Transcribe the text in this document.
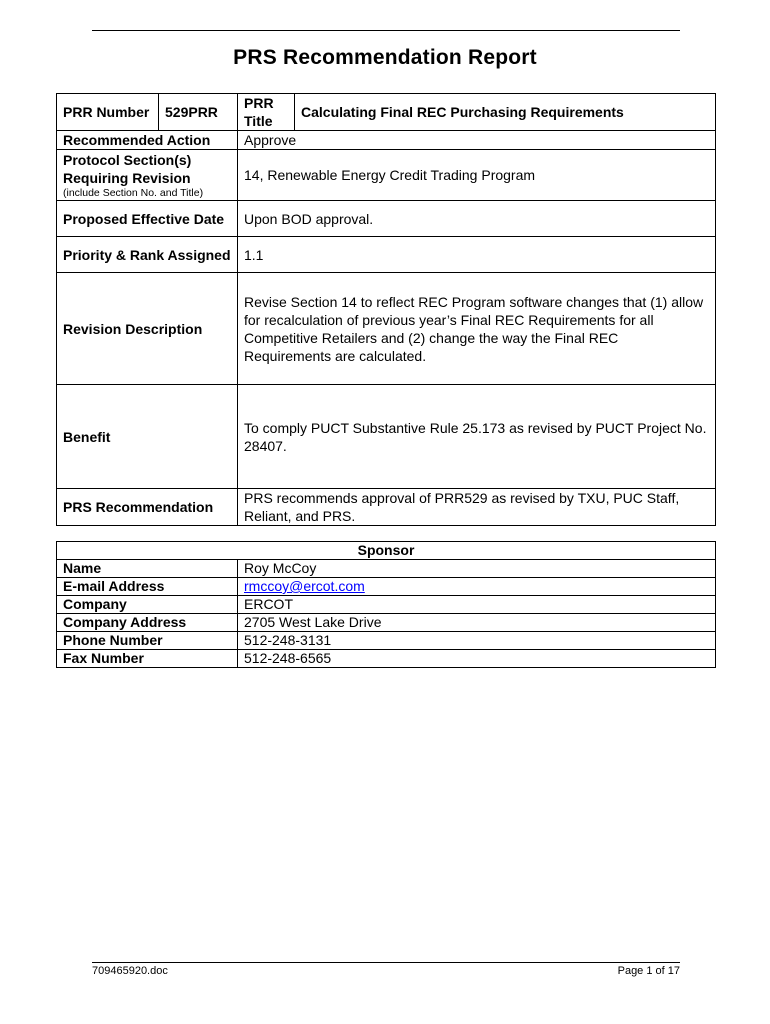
PRS Recommendation Report
PRR Number	529PRR	PRR Title	Calculating Final REC Purchasing Requirements
Recommended Action		Approve	
Protocol Section(s) Requiring Revision
(include Section No. and Title)		14, Renewable Energy Credit Trading Program	
Proposed Effective Date		Upon BOD approval.	
Priority & Rank Assigned		1.1	
Revision Description		Revise Section 14 to reflect REC Program software changes that (1) allow for recalculation of previous year’s Final REC Requirements for all Competitive Retailers and (2) change the way the Final REC Requirements are calculated.	
Benefit		To comply PUCT Substantive Rule 25.173 as revised by PUCT Project No. 28407.	
PRS Recommendation		PRS recommends approval of PRR529 as revised by TXU, PUC Staff, Reliant, and PRS.	
Sponsor	
Name	Roy McCoy
E-mail Address	rmccoy@ercot.com
Company	ERCOT
Company Address	2705 West Lake Drive
Phone Number	512-248-3131
Fax Number	512-248-6565
709465920.doc	Page 1 of 17
